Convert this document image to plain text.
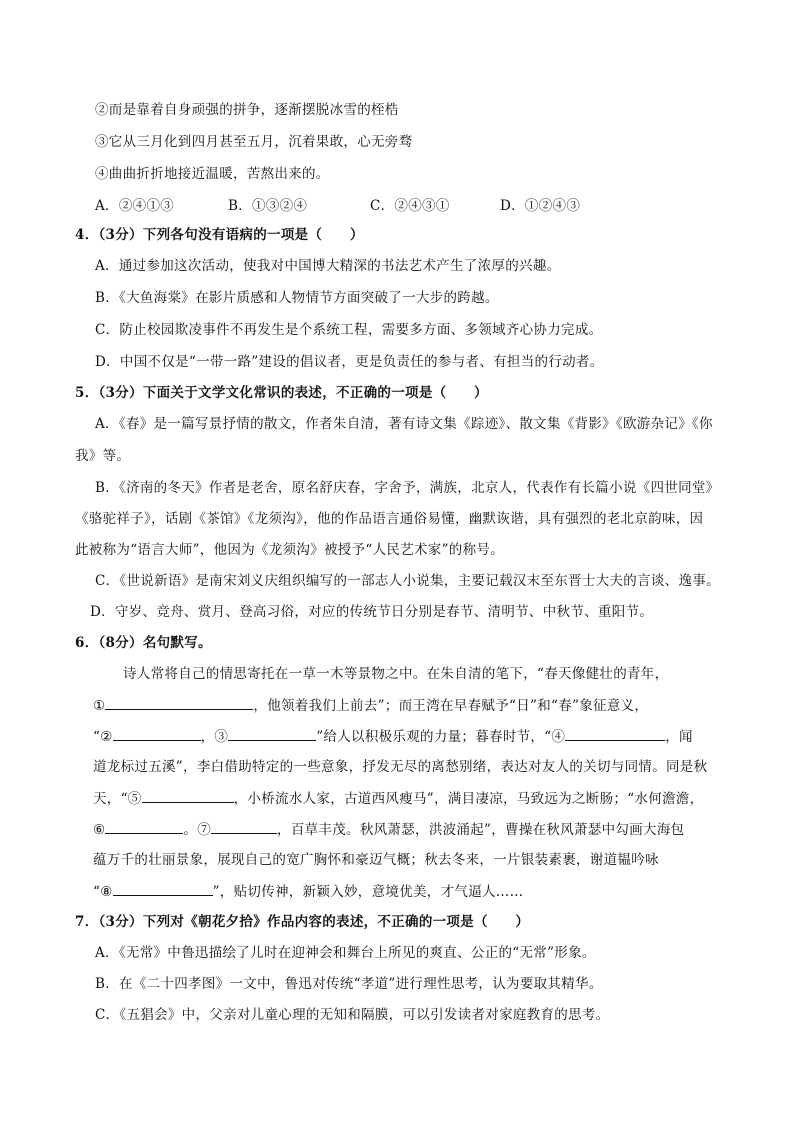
②而是靠着自身顽强的拼争，逐渐摆脱冰雪的桎梏
③它从三月化到四月甚至五月，沉着果敢，心无旁骛
④曲曲折折地接近温暖，苦熬出来的。
A．②④①③	B．①③②④	C．②④③①	D．①②④③
4．（3分）下列各句没有语病的一项是（　　）
A．通过参加这次活动，使我对中国博大精深的书法艺术产生了浓厚的兴趣。
B．《大鱼海棠》在影片质感和人物情节方面突破了一大步的跨越。
C．防止校园欺凌事件不再发生是个系统工程，需要多方面、多领域齐心协力完成。
D．中国不仅是“一带一路”建设的倡议者，更是负责任的参与者、有担当的行动者。
5．（3分）下面关于文学文化常识的表述，不正确的一项是（　　）
A．《春》是一篇写景抒情的散文，作者朱自清，著有诗文集《踪迹》、散文集《背影》《欧游杂记》《你
我》等。
B．《济南的冬天》作者是老舍，原名舒庆春，字舍予，满族，北京人，代表作有长篇小说《四世同堂》
《骆驼祥子》，话剧《茶馆》《龙须沟》，他的作品语言通俗易懂，幽默诙谐，具有强烈的老北京韵味，因
此被称为“语言大师”，他因为《龙须沟》被授予“人民艺术家”的称号。
C．《世说新语》是南宋刘义庆组织编写的一部志人小说集，主要记载汉末至东晋士大夫的言谈、逸事。
D．守岁、竞舟、赏月、登高习俗，对应的传统节日分别是春节、清明节、中秋节、重阳节。
6．（8分）名句默写。
诗人常将自己的情思寄托在一草一木等景物之中。在朱自清的笔下，“春天像健壮的青年，
①	，他领着我们上前去”；而王湾在早春赋予“日”和“春”象征意义，
“②	，③	”给人以积极乐观的力量；暮春时节，“④	，闻
道龙标过五溪”，李白借助特定的一些意象，抒发无尽的离愁别绪，表达对友人的关切与同情。同是秋
天，“⑤	，小桥流水人家，古道西风瘦马”，满目凄凉，马致远为之断肠；“水何澹澹，
⑥	。⑦	，百草丰茂。秋风萧瑟，洪波涌起”，曹操在秋风萧瑟中勾画大海包
蕴万千的壮丽景象，展现自己的宽广胸怀和豪迈气概；秋去冬来，一片银装素裹，谢道韫吟咏
“⑧	”，贴切传神，新颖入妙，意境优美，才气逼人……
7．（3分）下列对《朝花夕拾》作品内容的表述，不正确的一项是（　　）
A．《无常》中鲁迅描绘了儿时在迎神会和舞台上所见的爽直、公正的“无常”形象。
B．在《二十四孝图》一文中，鲁迅对传统“孝道”进行理性思考，认为要取其精华。
C．《五猖会》中，父亲对儿童心理的无知和隔膜，可以引发读者对家庭教育的思考。
